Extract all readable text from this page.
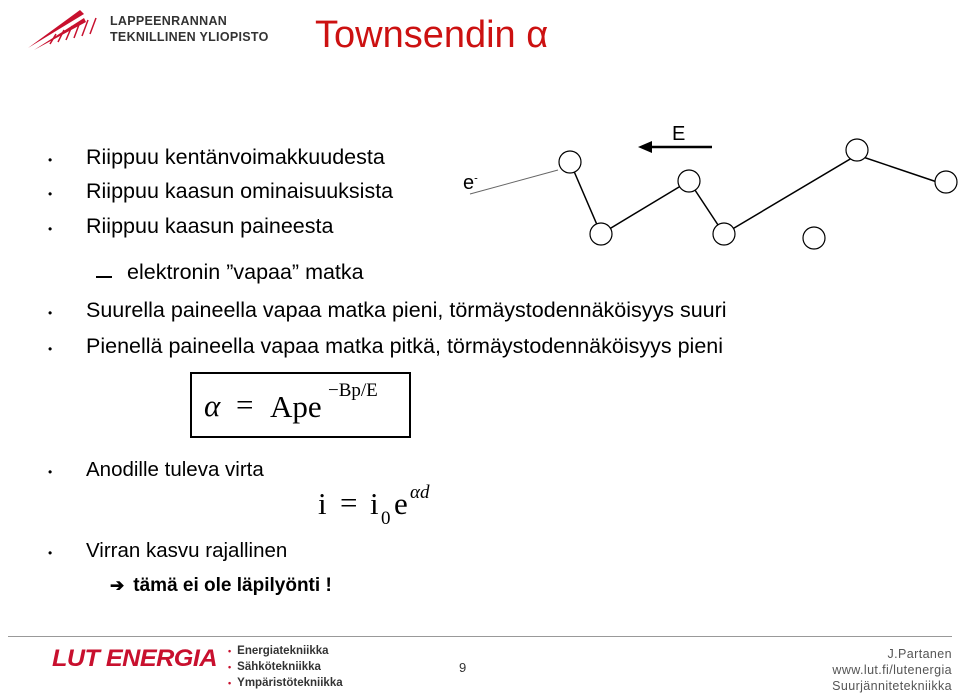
LAPPEENRANNAN
TEKNILLINEN YLIOPISTO Townsendin α
• Riippuu kentänvoimakkuudesta
• Riippuu kaasun ominaisuuksista
• Riippuu kaasun paineesta
elektronin ”vapaa” matka
• Suurella paineella vapaa matka pieni, törmäystodennäköisyys suuri
• Pienellä paineella vapaa matka pitkä, törmäystodennäköisyys pieni
E
e-
α = Ape −Bp/E
• Anodille tuleva virta
• Virran kasvu rajallinen
i = i 0 e αd
➔ tämä ei ole läpilyönti !
LUT ENERGIA • Energiatekniikka
• Sähkötekniikka
• Ympäristötekniikka
9
J.Partanen
www.lut.fi/lutenergia
Suurjännitetekniikka
